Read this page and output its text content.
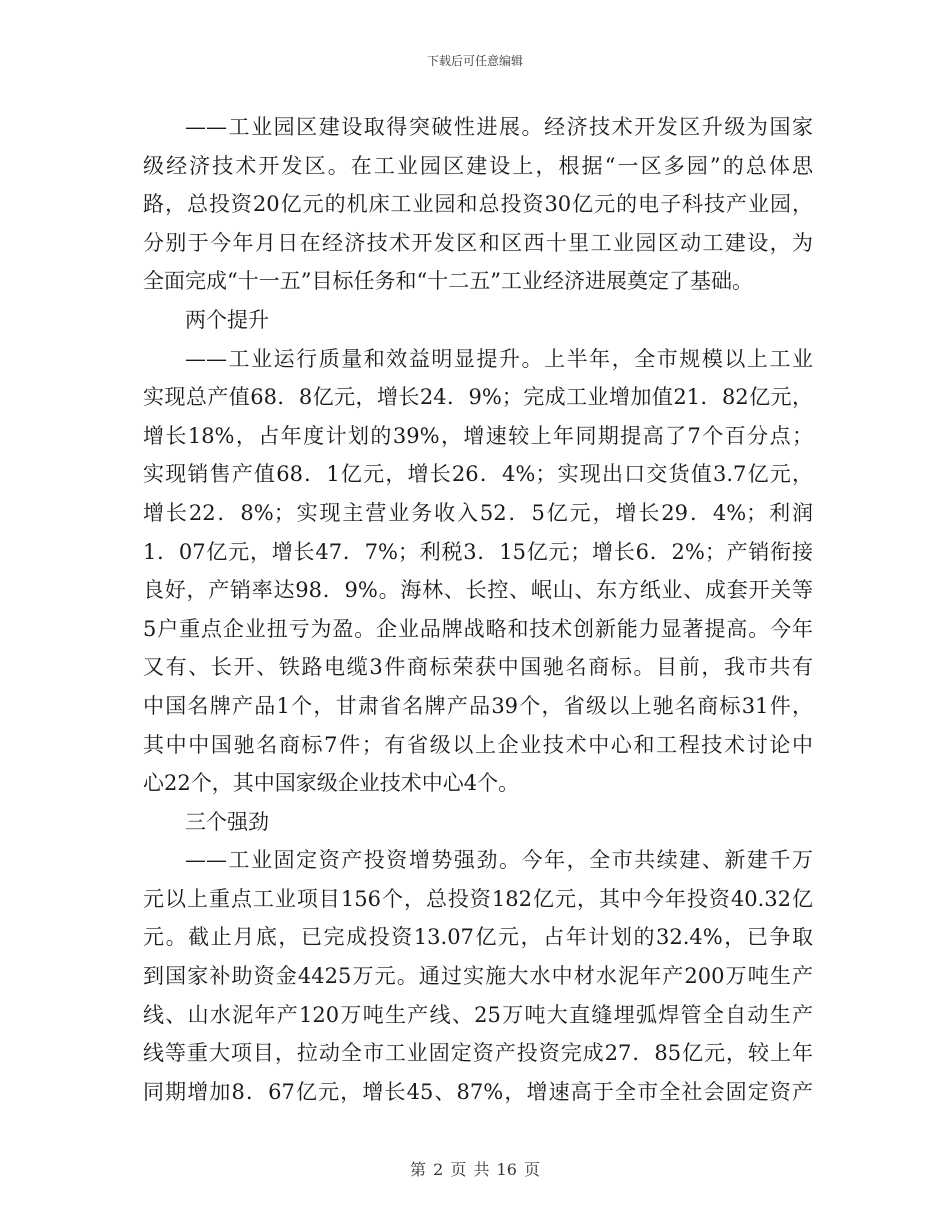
下载后可任意编辑
——工业园区建设取得突破性进展。经济技术开发区升级为国家
级经济技术开发区。在工业园区建设上，根据“一区多园”的总体思
路，总投资20亿元的机床工业园和总投资30亿元的电子科技产业园，
分别于今年月日在经济技术开发区和区西十里工业园区动工建设，为
全面完成“十一五”目标任务和“十二五”工业经济进展奠定了基础。
两个提升
——工业运行质量和效益明显提升。上半年，全市规模以上工业
实现总产值68．8亿元，增长24．9%；完成工业增加值21．82亿元，
增长18%，占年度计划的39%，增速较上年同期提高了7个百分点；
实现销售产值68．1亿元，增长26．4%；实现出口交货值3.7亿元，
增长22．8%；实现主营业务收入52．5亿元，增长29．4%；利润
1．07亿元，增长47．7%；利税3．15亿元；增长6．2%；产销衔接
良好，产销率达98．9%。海林、长控、岷山、东方纸业、成套开关等
5户重点企业扭亏为盈。企业品牌战略和技术创新能力显著提高。今年
又有、长开、铁路电缆3件商标荣获中国驰名商标。目前，我市共有
中国名牌产品1个，甘肃省名牌产品39个，省级以上驰名商标31件，
其中中国驰名商标7件；有省级以上企业技术中心和工程技术讨论中
心22个，其中国家级企业技术中心4个。
三个强劲
——工业固定资产投资增势强劲。今年，全市共续建、新建千万
元以上重点工业项目156个，总投资182亿元，其中今年投资40.32亿
元。截止月底，已完成投资13.07亿元，占年计划的32.4%，已争取
到国家补助资金4425万元。通过实施大水中材水泥年产200万吨生产
线、山水泥年产120万吨生产线、25万吨大直缝埋弧焊管全自动生产
线等重大项目，拉动全市工业固定资产投资完成27．85亿元，较上年
同期增加8．67亿元，增长45、87%，增速高于全市全社会固定资产
第 2 页 共 16 页
